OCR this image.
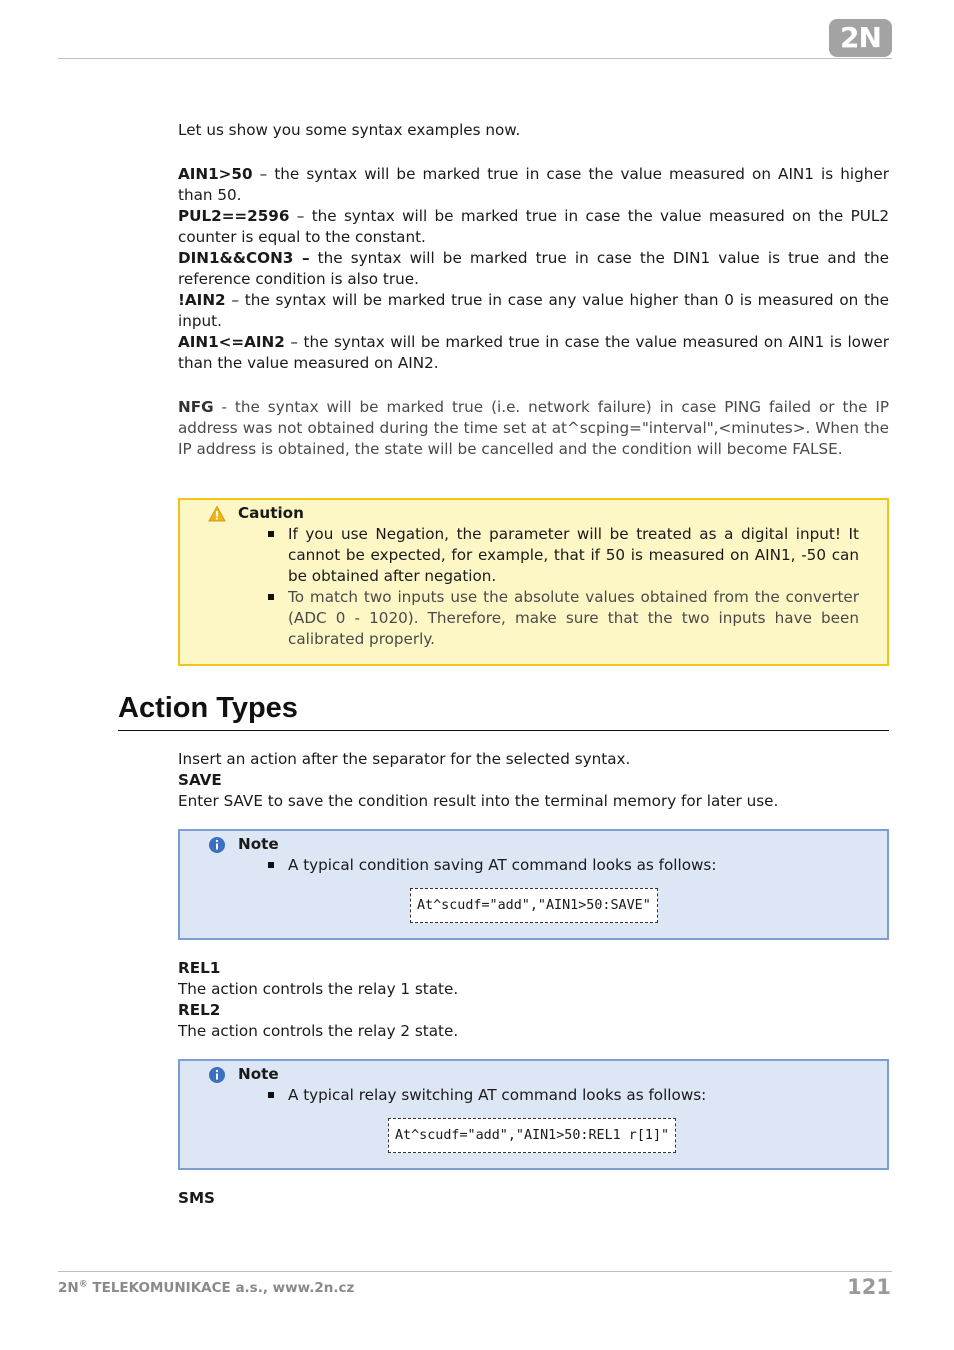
2N

Let us show you some syntax examples now.

AIN1>50 – the syntax will be marked true in case the value measured on AIN1 is higher than 50.

PUL2==2596 – the syntax will be marked true in case the value measured on the PUL2 counter is equal to the constant.

DIN1&&CON3 – the syntax will be marked true in case the DIN1 value is true and the reference condition is also true.

!AIN2 – the syntax will be marked true in case any value higher than 0 is measured on the input.

AIN1<=AIN2 – the syntax will be marked true in case the value measured on AIN1 is lower than the value measured on AIN2.

NFG - the syntax will be marked true (i.e. network failure) in case PING failed or the IP address was not obtained during the time set at at^scping="interval",<minutes>. When the IP address is obtained, the state will be cancelled and the condition will become FALSE.

Caution
If you use Negation, the parameter will be treated as a digital input! It cannot be expected, for example, that if 50 is measured on AIN1, -50 can be obtained after negation.
To match two inputs use the absolute values obtained from the converter (ADC 0 - 1020). Therefore, make sure that the two inputs have been calibrated properly.
Action Types

Insert an action after the separator for the selected syntax.

SAVE

Enter SAVE to save the condition result into the terminal memory for later use.

Note
A typical condition saving AT command looks as follows:
At^scudf="add","AIN1>50:SAVE"

REL1

The action controls the relay 1 state.

REL2

The action controls the relay 2 state.

Note
A typical relay switching AT command looks as follows:
At^scudf="add","AIN1>50:REL1 r[1]"

SMS

2N® TELEKOMUNIKACE a.s., www.2n.cz	121
